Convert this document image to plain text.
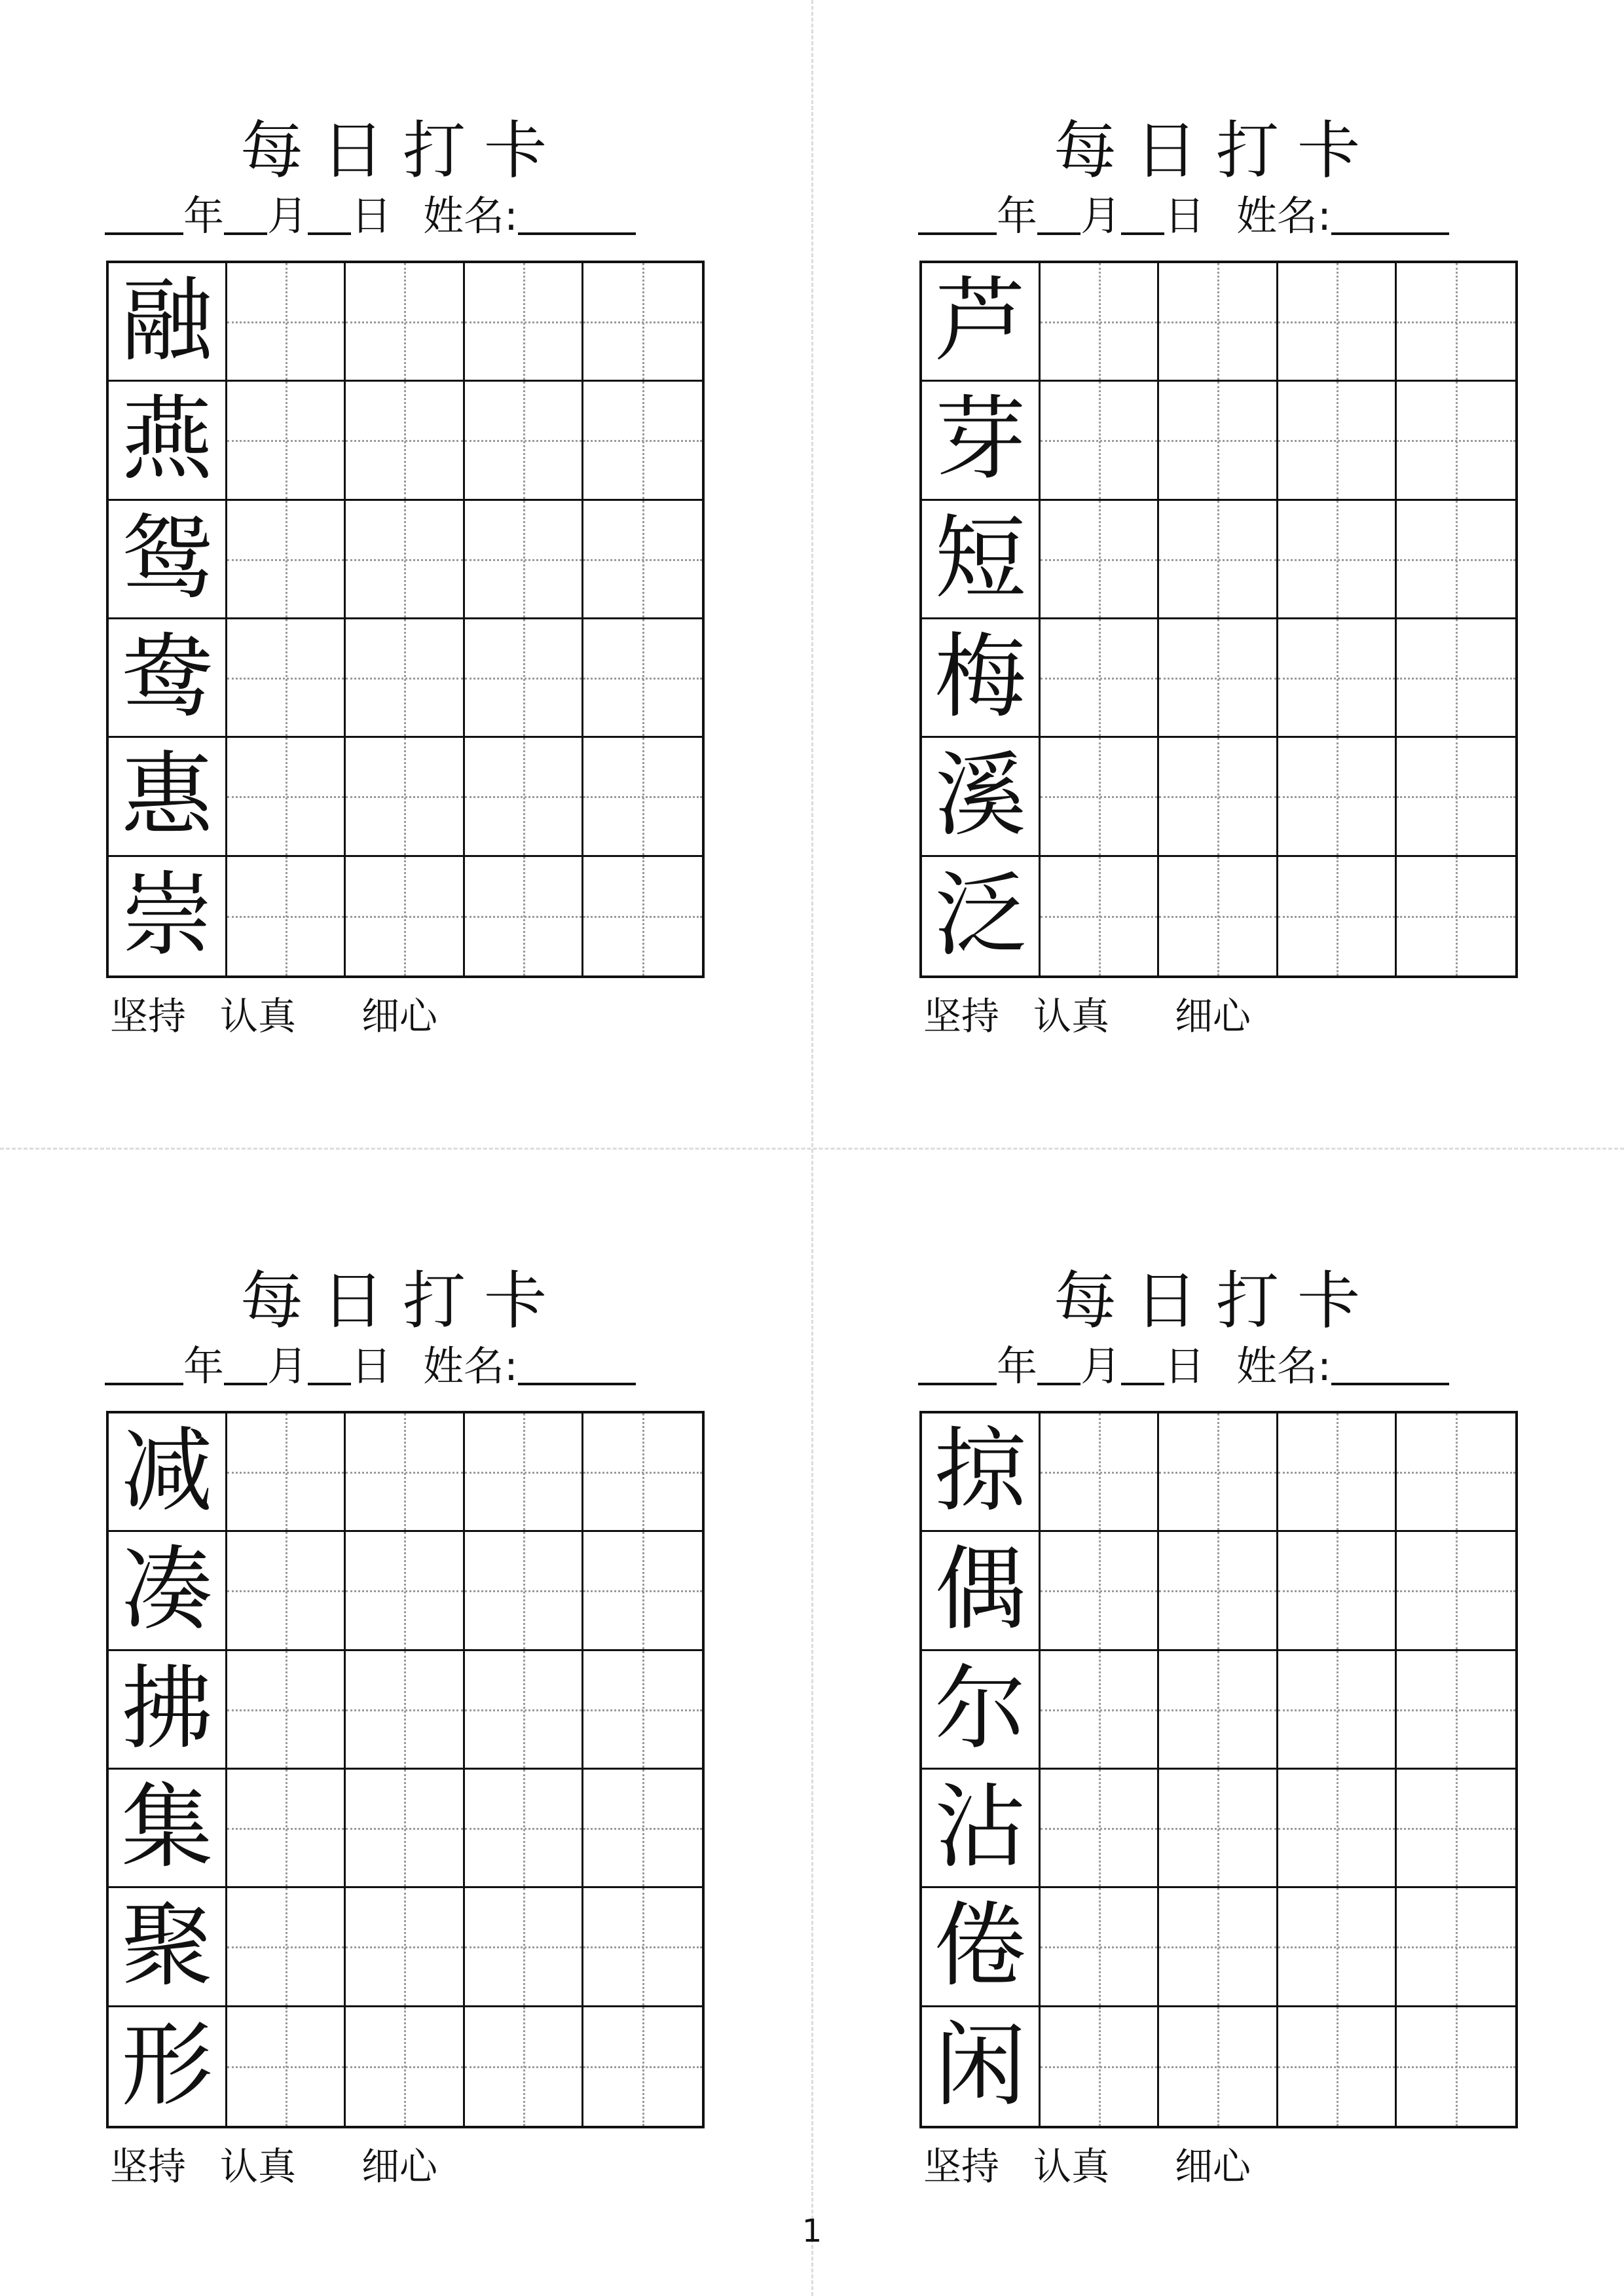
每日打卡
年 月 日 姓名:
融
燕
鸳
鸯
惠
崇
坚持 认真 细心
每日打卡
年 月 日 姓名:
芦
芽
短
梅
溪
泛
坚持 认真 细心
每日打卡
年 月 日 姓名:
减
凑
拂
集
聚
形
坚持 认真 细心
每日打卡
年 月 日 姓名:
掠
偶
尔
沾
倦
闲
坚持 认真 细心
1
